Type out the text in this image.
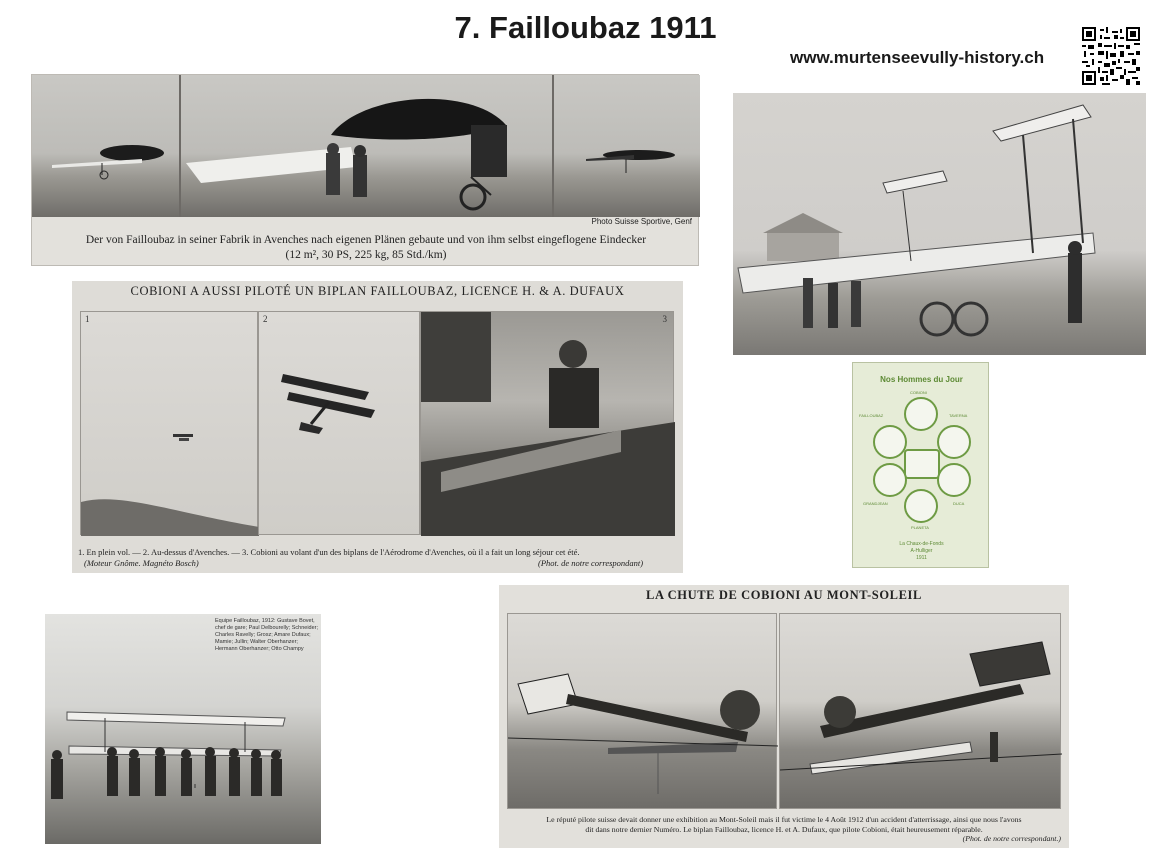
7. Failloubaz 1911
www.murtenseevully-history.ch
Photo Suisse Sportive, Genf
Der von Failloubaz in seiner Fabrik in Avenches nach eigenen Plänen gebaute und von ihm selbst eingeflogene Eindecker
(12 m², 30 PS, 225 kg, 85 Std./km)
COBIONI A AUSSI PILOTÉ UN BIPLAN FAILLOUBAZ, LICENCE H. & A. DUFAUX
1	2	3
1. En plein vol. — 2. Au-dessus d'Avenches. — 3. Cobioni au volant d'un des biplans de l'Aérodrome d'Avenches, où il a fait un long séjour cet été.
(Moteur Gnôme. Magnéto Bosch)	(Phot. de notre correspondant)
Nos Hommes du Jour
FAILLOUBAZ
COBIONI
TAVERNA
GRANDJEAN
PLANETA
DUCA
La Chaux-de-Fonds
A-Hulliger
1911
Equipe Failloubaz, 1912: Gustave Bovet, chef de gare; Paul Delbourelly; Schneider; Charles Ravelly; Grosz; Amare Dufaux; Mamie; Jullin; Walter Oberhanzer; Hermann Oberhanzer; Otto Champy
LA CHUTE DE COBIONI AU MONT-SOLEIL
Le réputé pilote suisse devait donner une exhibition au Mont-Soleil mais il fut victime le 4 Août 1912 d'un accident d'atterrissage, ainsi que nous l'avons
dit dans notre dernier Numéro. Le biplan Failloubaz, licence H. et A. Dufaux, que pilote Cobioni, était heureusement réparable.
(Phot. de notre correspondant.)
